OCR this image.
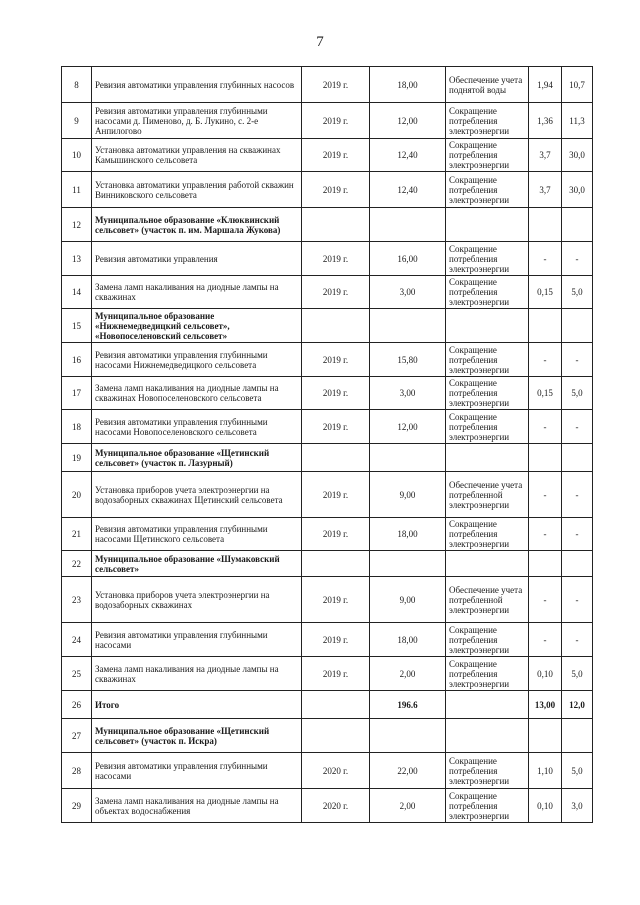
7
8	Ревизия автоматики управления глубинных насосов	2019 г.	18,00	Обеспечение учета поднятой воды	1,94	10,7
9	Ревизия автоматики управления глубинными насосами д. Пименово, д. Б. Лукино, с. 2-е Анпилогово	2019 г.	12,00	Сокращение потребления электроэнергии	1,36	11,3
10	Установка автоматики управления на скважинах Камышинского сельсовета	2019 г.	12,40	Сокращение потребления электроэнергии	3,7	30,0
11	Установка автоматики управления работой скважин Винниковского сельсовета	2019 г.	12,40	Сокращение потребления электроэнергии	3,7	30,0
12	Муниципальное образование «Клюквинский сельсовет» (участок п. им. Маршала Жукова)					
13	Ревизия автоматики управления	2019 г.	16,00	Сокращение потребления электроэнергии	-	-
14	Замена ламп накаливания на диодные лампы на скважинах	2019 г.	3,00	Сокращение потребления электроэнергии	0,15	5,0
15	Муниципальное образование «Нижнемедведицкий сельсовет», «Новопоселеновский сельсовет»					
16	Ревизия автоматики управления глубинными насосами Нижнемедведицкого сельсовета	2019 г.	15,80	Сокращение потребления электроэнергии	-	-
17	Замена ламп накаливания на диодные лампы на скважинах Новопоселеновского сельсовета	2019 г.	3,00	Сокращение потребления электроэнергии	0,15	5,0
18	Ревизия автоматики управления глубинными насосами Новопоселеновского сельсовета	2019 г.	12,00	Сокращение потребления электроэнергии	-	-
19	Муниципальное образование «Щетинский сельсовет» (участок п. Лазурный)					
20	Установка приборов учета электроэнергии на водозаборных скважинах Щетинский сельсовета	2019 г.	9,00	Обеспечение учета потребленной электроэнергии	-	-
21	Ревизия автоматики управления глубинными насосами Щетинского сельсовета	2019 г.	18,00	Сокращение потребления электроэнергии	-	-
22	Муниципальное образование «Шумаковский сельсовет»					
23	Установка приборов учета электроэнергии на водозаборных скважинах	2019 г.	9,00	Обеспечение учета потребленной электроэнергии	-	-
24	Ревизия автоматики управления глубинными насосами	2019 г.	18,00	Сокращение потребления электроэнергии	-	-
25	Замена ламп накаливания на диодные лампы на скважинах	2019 г.	2,00	Сокращение потребления электроэнергии	0,10	5,0
26	Итого		196.6		13,00	12,0
27	Муниципальное образование «Щетинский сельсовет» (участок п. Искра)					
28	Ревизия автоматики управления глубинными насосами	2020 г.	22,00	Сокращение потребления электроэнергии	1,10	5,0
29	Замена ламп накаливания на диодные лампы на объектах водоснабжения	2020 г.	2,00	Сокращение потребления электроэнергии	0,10	3,0
